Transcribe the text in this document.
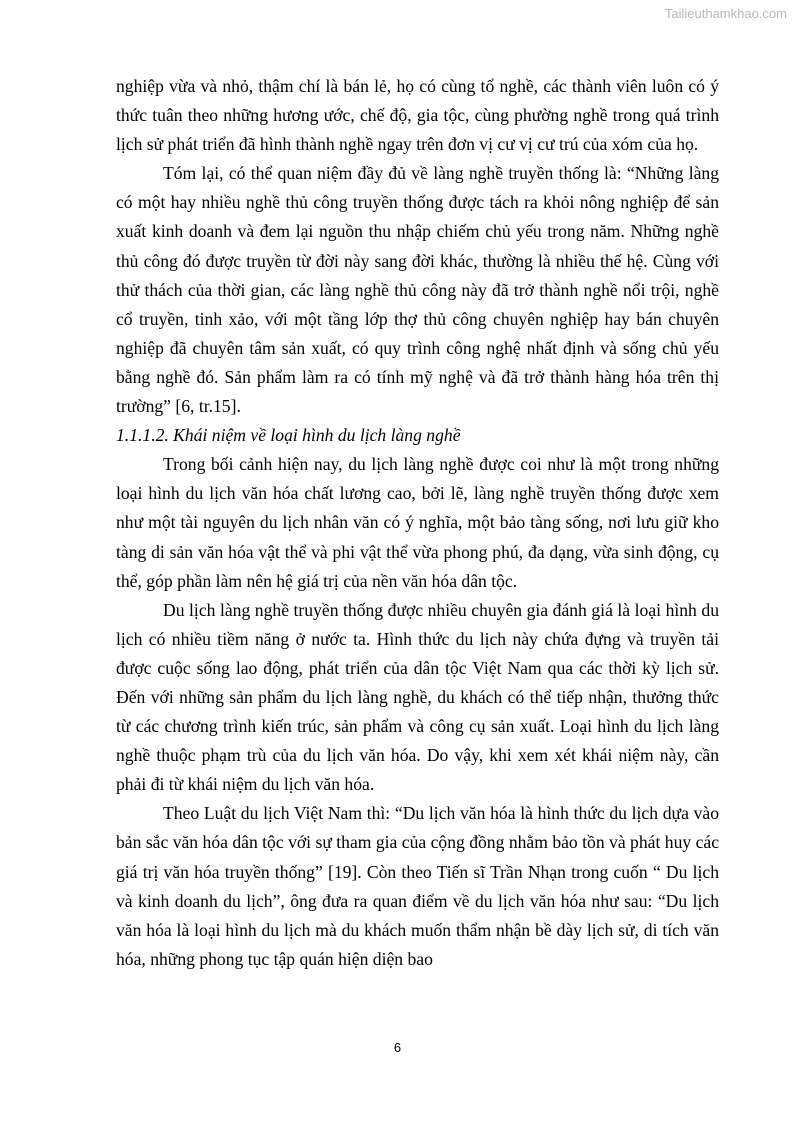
Tailieuthamkhao.com

nghiệp vừa và nhỏ, thậm chí là bán lẻ, họ có cùng tổ nghề, các thành viên luôn có ý thức tuân theo những hương ước, chế độ, gia tộc, cùng phường nghề trong quá trình lịch sử phát triển đã hình thành nghề ngay trên đơn vị cư vị cư trú của xóm của họ.

Tóm lại, có thể quan niệm đầy đủ về làng nghề truyền thống là: “Những làng có một hay nhiều nghề thủ công truyền thống được tách ra khỏi nông nghiệp để sản xuất kinh doanh và đem lại nguồn thu nhập chiếm chủ yếu trong năm. Những nghề thủ công đó được truyền từ đời này sang đời khác, thường là nhiều thế hệ. Cùng với thử thách của thời gian, các làng nghề thủ công này đã trở thành nghề nổi trội, nghề cổ truyền, tinh xảo, với một tầng lớp thợ thủ công chuyên nghiệp hay bán chuyên nghiệp đã chuyên tâm sản xuất, có quy trình công nghệ nhất định và sống chủ yếu bằng nghề đó. Sản phẩm làm ra có tính mỹ nghệ và đã trở thành hàng hóa trên thị trường” [6, tr.15].

1.1.1.2. Khái niệm về loại hình du lịch làng nghề

Trong bối cảnh hiện nay, du lịch làng nghề được coi như là một trong những loại hình du lịch văn hóa chất lương cao, bởi lẽ, làng nghề truyền thống được xem như một tài nguyên du lịch nhân văn có ý nghĩa, một bảo tàng sống, nơi lưu giữ kho tàng di sản văn hóa vật thể và phi vật thể vừa phong phú, đa dạng, vừa sinh động, cụ thể, góp phần làm nên hệ giá trị của nền văn hóa dân tộc.

Du lịch làng nghề truyền thống được nhiều chuyên gia đánh giá là loại hình du lịch có nhiều tiềm năng ở nước ta. Hình thức du lịch này chứa đựng và truyền tải được cuộc sống lao động, phát triển của dân tộc Việt Nam qua các thời kỳ lịch sử. Đến với những sản phẩm du lịch làng nghề, du khách có thể tiếp nhận, thưởng thức từ các chương trình kiến trúc, sản phẩm và công cụ sản xuất. Loại hình du lịch làng nghề thuộc phạm trù của du lịch văn hóa. Do vậy, khi xem xét khái niệm này, cần phải đi từ khái niệm du lịch văn hóa.

Theo Luật du lịch Việt Nam thì: “Du lịch văn hóa là hình thức du lịch dựa vào bản sắc văn hóa dân tộc với sự tham gia của cộng đồng nhằm bảo tồn và phát huy các giá trị văn hóa truyền thống” [19]. Còn theo Tiến sĩ Trần Nhạn trong cuốn “ Du lịch và kinh doanh du lịch”, ông đưa ra quan điểm về du lịch văn hóa như sau: “Du lịch văn hóa là loại hình du lịch mà du khách muốn thẩm nhận bề dày lịch sử, di tích văn hóa, những phong tục tập quán hiện diện bao

6
